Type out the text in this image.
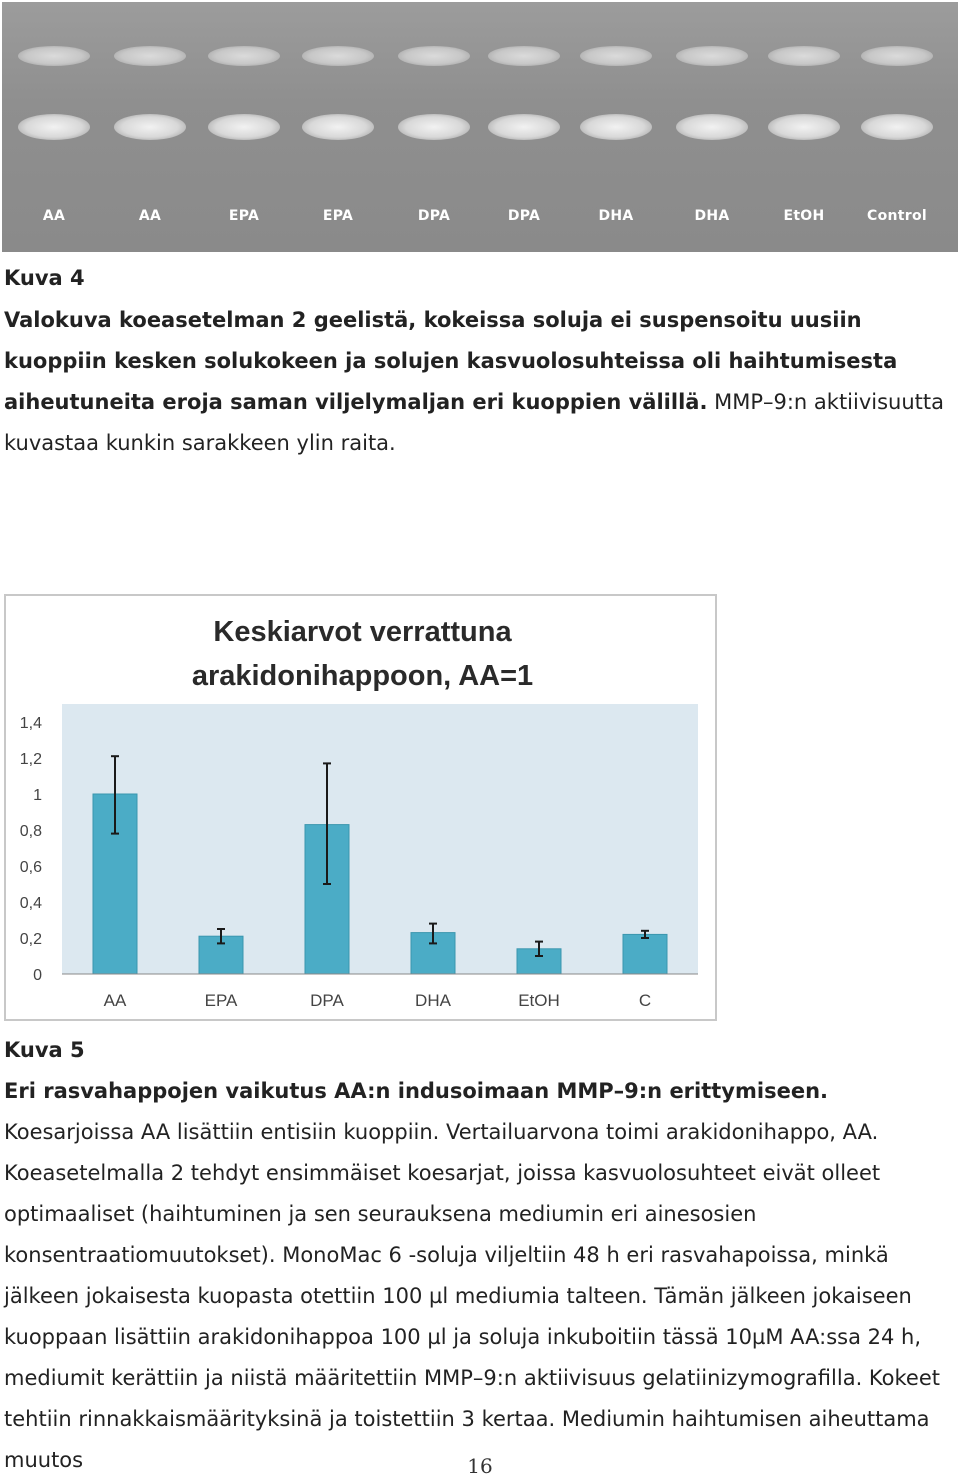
AA	AA	EPA	EPA	DPA	DPA	DHA	DHA	EtOH	Control
Kuva 4
Valokuva koeasetelman 2 geelistä, kokeissa soluja ei suspensoitu uusiin kuoppiin kesken solukokeen ja solujen kasvuolosuhteissa oli haihtumisesta aiheutuneita eroja saman viljelymaljan eri kuoppien välillä. MMP–9:n aktiivisuutta kuvastaa kunkin sarakkeen ylin raita.
Keskiarvot verrattuna
arakidonihappoon, AA=1
0
0,2
0,4
0,6
0,8
1
1,2
1,4
AA	EPA	DPA	DHA	EtOH	C
Kuva 5
Eri rasvahappojen vaikutus AA:n indusoimaan MMP–9:n erittymiseen. Koesarjoissa AA lisättiin entisiin kuoppiin. Vertailuarvona toimi arakidonihappo, AA. Koeasetelmalla 2 tehdyt ensimmäiset koesarjat, joissa kasvuolosuhteet eivät olleet optimaaliset (haihtuminen ja sen seurauksena mediumin eri ainesosien konsentraatiomuutokset). MonoMac 6 -soluja viljeltiin 48 h eri rasvahapoissa, minkä jälkeen jokaisesta kuopasta otettiin 100 µl mediumia talteen. Tämän jälkeen jokaiseen kuoppaan lisättiin arakidonihappoa 100 µl ja soluja inkuboitiin tässä 10µM AA:ssa 24 h, mediumit kerättiin ja niistä määritettiin MMP–9:n aktiivisuus gelatiinizymografilla. Kokeet tehtiin rinnakkaismäärityksinä ja toistettiin 3 kertaa. Mediumin haihtumisen aiheuttama muutos	16
